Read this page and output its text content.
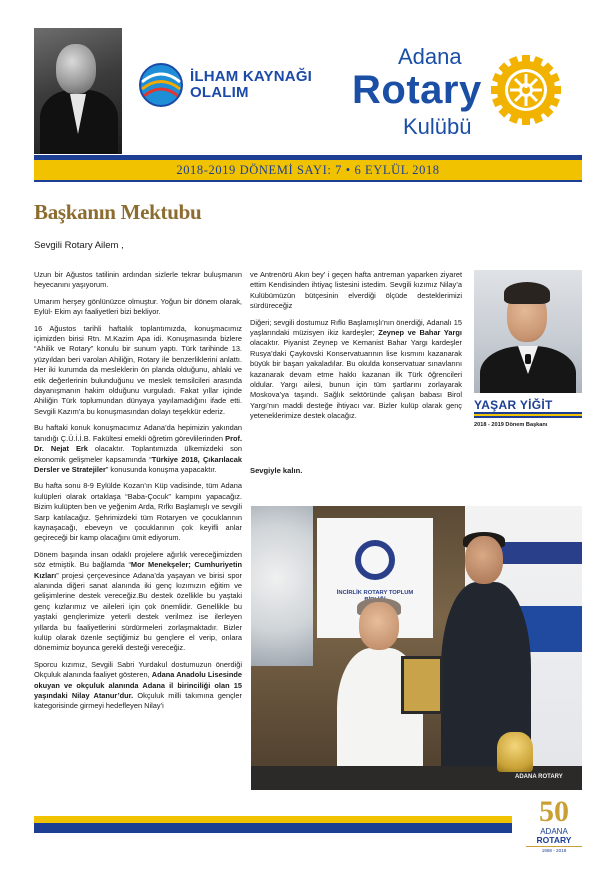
İLHAM KAYNAĞI
OLALIM
Adana
Rotary
Kulübü
2018-2019 DÖNEMİ SAYI: 7 • 6 EYLÜL 2018
Başkanın Mektubu
Sevgili Rotary Ailem ,

Uzun bir Ağustos tatilinin ardından sizlerle tekrar buluşmanın heyecanını yaşıyorum.

Umarım herşey gönlünüzce olmuştur. Yoğun bir dönem olarak, Eylül- Ekim ayı faaliyetleri bizi bekliyor.

16 Ağustos tarihli haftalık toplantımızda, konuşmacımız içimizden birisi Rtn. M.Kazim Apa idi. Konuşmasında bizlere “Ahilik ve Rotary” konulu bir sunum yaptı. Türk tarihinde 13. yüzyıldan beri varolan Ahiliğin, Rotary ile benzerliklerini anlattı. Her iki kurumda da mesleklerin ön planda olduğunu, ahlaki ve etik değerlerinin bulunduğunu ve meslek temsilcileri arasında dayanışmanın hakim olduğunu vurguladı. Fakat yıllar içinde Ahiliğin Türk toplumundan dünyaya yayılamadığını ifade etti. Sevgili Kazım’a bu konuşmasından dolayı teşekkür ederiz.

Bu haftaki konuk konuşmacımız Adana’da hepimizin yakından tanıdığı Ç.Ü.İ.İ.B. Fakültesi emekli öğretim görevlilerinden Prof. Dr. Nejat Erk olacaktır. Toplantımızda ülkemizdeki son ekonomik gelişmeler kapsamında “Türkiye 2018, Çıkarılacak Dersler ve Stratejiler” konusunda konuşma yapacaktır.

Bu hafta sonu 8-9 Eylülde Kozan’ın Küp vadisinde, tüm Adana kulüpleri olarak ortaklaşa “Baba-Çocuk” kampını yapacağız. Bizim kulüpten ben ve yeğenim Arda, Rıfkı Başlamışlı ve sevgili Sarp katılacağız. Şehrimizdeki tüm Rotaryen ve çocuklarının kaynaşacağı, ebeveyn ve çocuklarının çok keyifli anlar geçireceği bir kamp olacağını ümit ediyorum.

Dönem başında insan odaklı projelere ağırlık vereceğimizden söz etmiştik. Bu bağlamda “Mor Menekşeler; Cumhuriyetin Kızları” projesi çerçevesince Adana’da yaşayan ve birisi spor alanında diğeri sanat alanında iki genç kızımızın eğitim ve gelişimlerine destek vereceğiz.Bu destek özellikle bu yaştaki genç kızlarımız ve aileleri için çok önemlidir. Genellikle bu yaştaki gençlerimize yeterli destek verilmez ise ilerleyen yıllarda bu faaliyetlerini sürdürmeleri zorlaşmaktadır. Bizler kulüp olarak özenle seçtiğimiz bu gençlere el verip, onlara dönemimiz boyunca gerekli desteği vereceğiz.

Sporcu kızımız, Sevgili Sabri Yurdakul dostumuzun önerdiği Okçuluk alanında faaliyet gösteren, Adana Anadolu Lisesinde okuyan ve okçuluk alanında Adana il birinciliği olan 15 yaşındaki Nilay Atanur’dur. Okçuluk milli takımına gençler kategorisinde girmeyi hedefleyen Nilay’i

ve Antrenörü Akın bey’ i geçen hafta antreman yaparken ziyaret ettim Kendisinden ihtiyaç listesini istedim. Sevgili kızımız Nilay’a Kulübümüzün bütçesinin elverdiği ölçüde desteklerimizi sürdüreceğiz

Diğeri; sevgili dostumuz Rıfkı Başlamışlı’nın önerdiği, Adanalı 15 yaşlarındaki müzisyen ikiz kardeşler; Zeynep ve Bahar Yargı olacaktır. Piyanist Zeynep ve Kemanist Bahar Yargı kardeşler Rusya’daki Çaykovski Konservatuarının lise kısmını kazanarak büyük bir başarı yakaladılar. Bu okulda konservatuar sınavlarını kazanarak devam etme hakkı kazanan ilk Türk öğrencileri oldular. Yargı ailesi, bunun için tüm şartlarını zorlayarak Moskova’ya taşındı. Sağlık sektöründe çalışan babası Birol Yargı’nın maddi desteğe ihtiyacı var. Bizler kulüp olarak genç yeteneklerimize destek olacağız.

YAŞAR YİĞİT
2018 - 2019 Dönem Başkanı
Sevgiyle kalın.
İNCİRLİK ROTARY TOPLUM
ADANA ROTARY
50
ADANA
ROTARY
1968 - 2018
